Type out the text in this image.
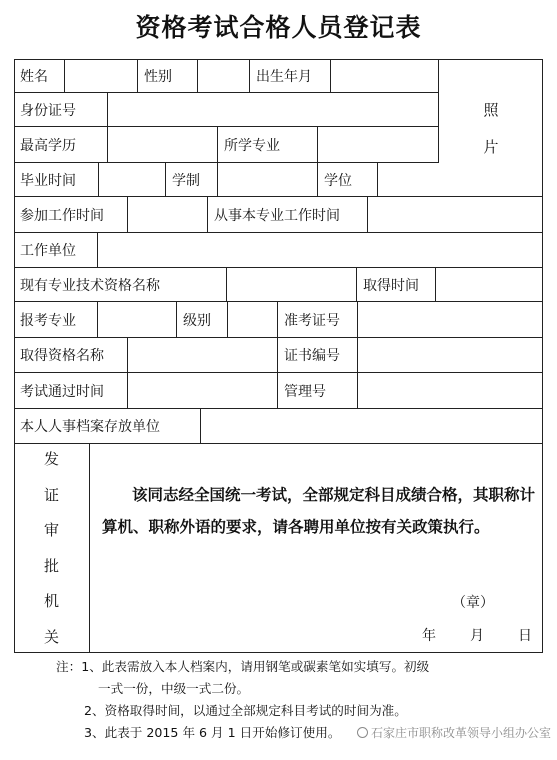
资格考试合格人员登记表
姓名	性别	出生年月
身份证号
最高学历	所学专业
照
片
毕业时间	学制	学位
参加工作时间	从事本专业工作时间
工作单位
现有专业技术资格名称	取得时间
报考专业	级别	准考证号
取得资格名称	证书编号
考试通过时间	管理号
本人人事档案存放单位
发
证
审
批
机
关
该同志经全国统一考试，全部规定科目成绩合格，其职称计算机、职称外语的要求，请各聘用单位按有关政策执行。
（章）
年 月 日
注：1、此表需放入本人档案内，请用钢笔或碳素笔如实填写。初级
一式一份，中级一式二份。
2、资格取得时间，以通过全部规定科目考试的时间为准。
3、此表于 2015 年 6 月 1 日开始修订使用。	石家庄市职称改革领导小组办公室
